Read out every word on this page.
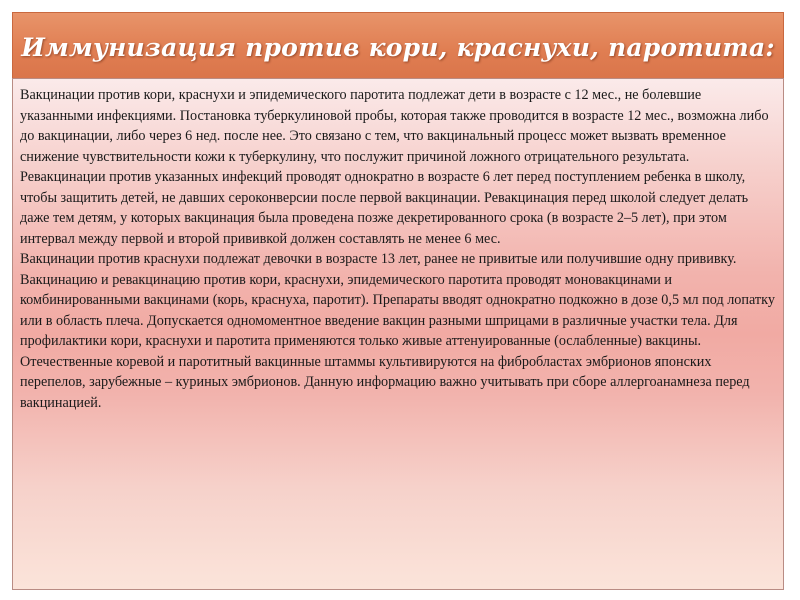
Иммунизация против кори, краснухи, паротита:

Вакцинации против кори, краснухи и эпидемического паротита подлежат дети в возрасте с 12 мес., не болевшие указанными инфекциями. Постановка туберкулиновой пробы, которая также проводится в возрасте 12 мес., возможна либо до вакцинации, либо через 6 нед. после нее. Это связано с тем, что вакцинальный процесс может вызвать временное снижение чувствительности кожи к туберкулину, что послужит причиной ложного отрицательного результата.

Ревакцинации против указанных инфекций проводят однократно в возрасте 6 лет перед поступлением ребенка в школу, чтобы защитить детей, не давших сероконверсии после первой вакцинации. Ревакцинация перед школой следует делать даже тем детям, у которых вакцинация была проведена позже декретированного срока (в возрасте 2–5 лет), при этом интервал между первой и второй прививкой должен составлять не менее 6 мес.

Вакцинации против краснухи подлежат девочки в возрасте 13 лет, ранее не привитые или получившие одну прививку.

Вакцинацию и ревакцинацию против кори, краснухи, эпидемического паротита проводят моновакцинами и комбинированными вакцинами (корь, краснуха, паротит). Препараты вводят однократно подкожно в дозе 0,5 мл под лопатку или в область плеча. Допускается одномоментное введение вакцин разными шприцами в различные участки тела. Для профилактики кори, краснухи и паротита применяются только живые аттенуированные (ослабленные) вакцины.

Отечественные коревой и паротитный вакцинные штаммы культивируются на фибробластах эмбрионов японских перепелов, зарубежные – куриных эмбрионов. Данную информацию важно учитывать при сборе аллергоанамнеза перед вакцинацией.
